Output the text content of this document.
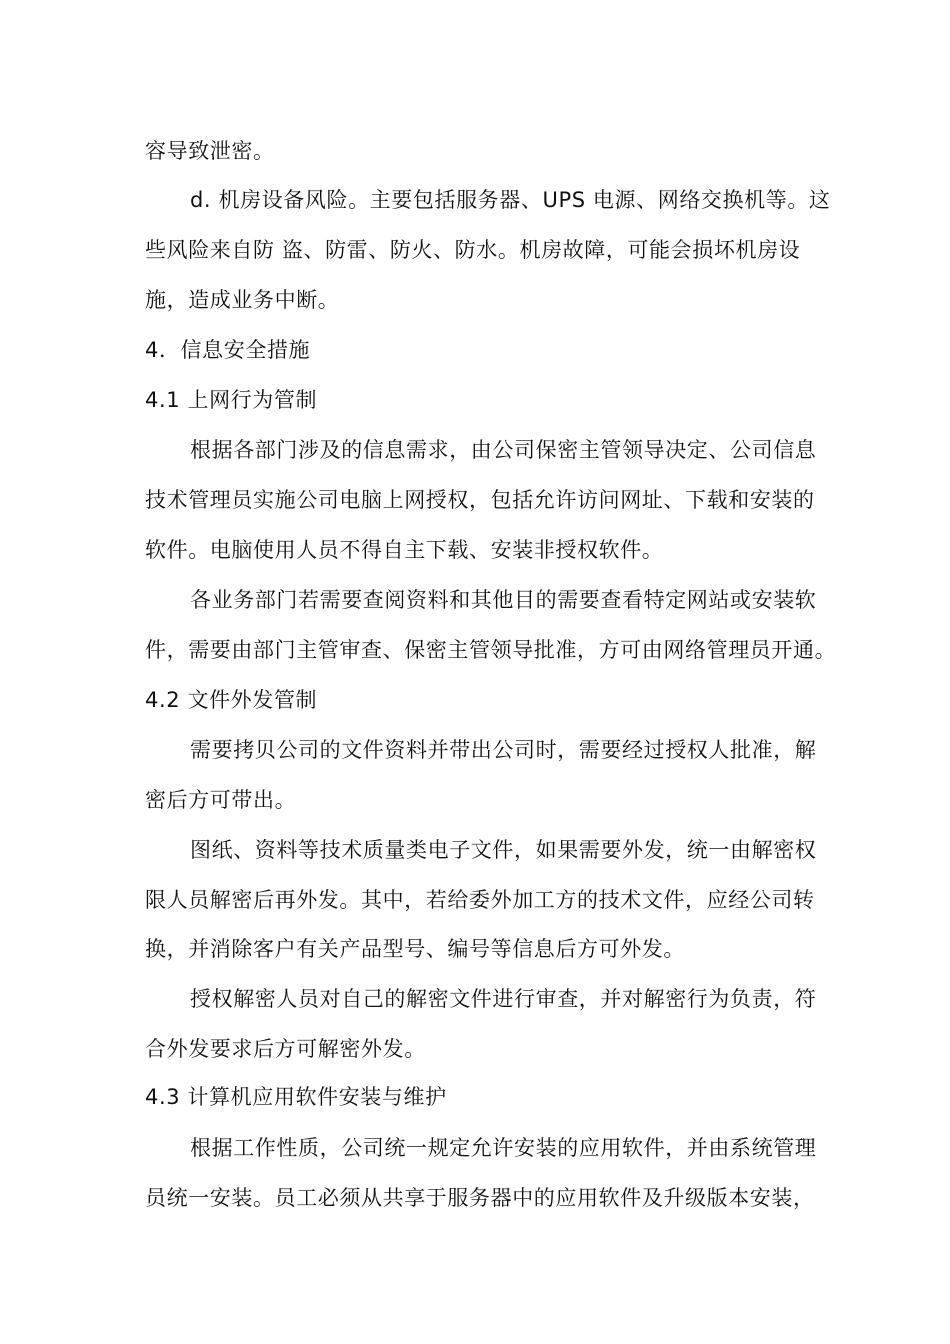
容导致泄密。
d. 机房设备风险。主要包括服务器、UPS 电源、网络交换机等。这
些风险来自防 盗、防雷、防火、防水。机房故障，可能会损坏机房设
施，造成业务中断。
4．信息安全措施
4.1 上网行为管制
根据各部门涉及的信息需求，由公司保密主管领导决定、公司信息
技术管理员实施公司电脑上网授权，包括允许访问网址、下载和安装的
软件。电脑使用人员不得自主下载、安装非授权软件。
各业务部门若需要查阅资料和其他目的需要查看特定网站或安装软
件，需要由部门主管审查、保密主管领导批准，方可由网络管理员开通。
4.2 文件外发管制
需要拷贝公司的文件资料并带出公司时，需要经过授权人批准，解
密后方可带出。
图纸、资料等技术质量类电子文件，如果需要外发，统一由解密权
限人员解密后再外发。其中，若给委外加工方的技术文件，应经公司转
换，并消除客户有关产品型号、编号等信息后方可外发。
授权解密人员对自己的解密文件进行审查，并对解密行为负责，符
合外发要求后方可解密外发。
4.3 计算机应用软件安装与维护
根据工作性质，公司统一规定允许安装的应用软件，并由系统管理
员统一安装。员工必须从共享于服务器中的应用软件及升级版本安装，
